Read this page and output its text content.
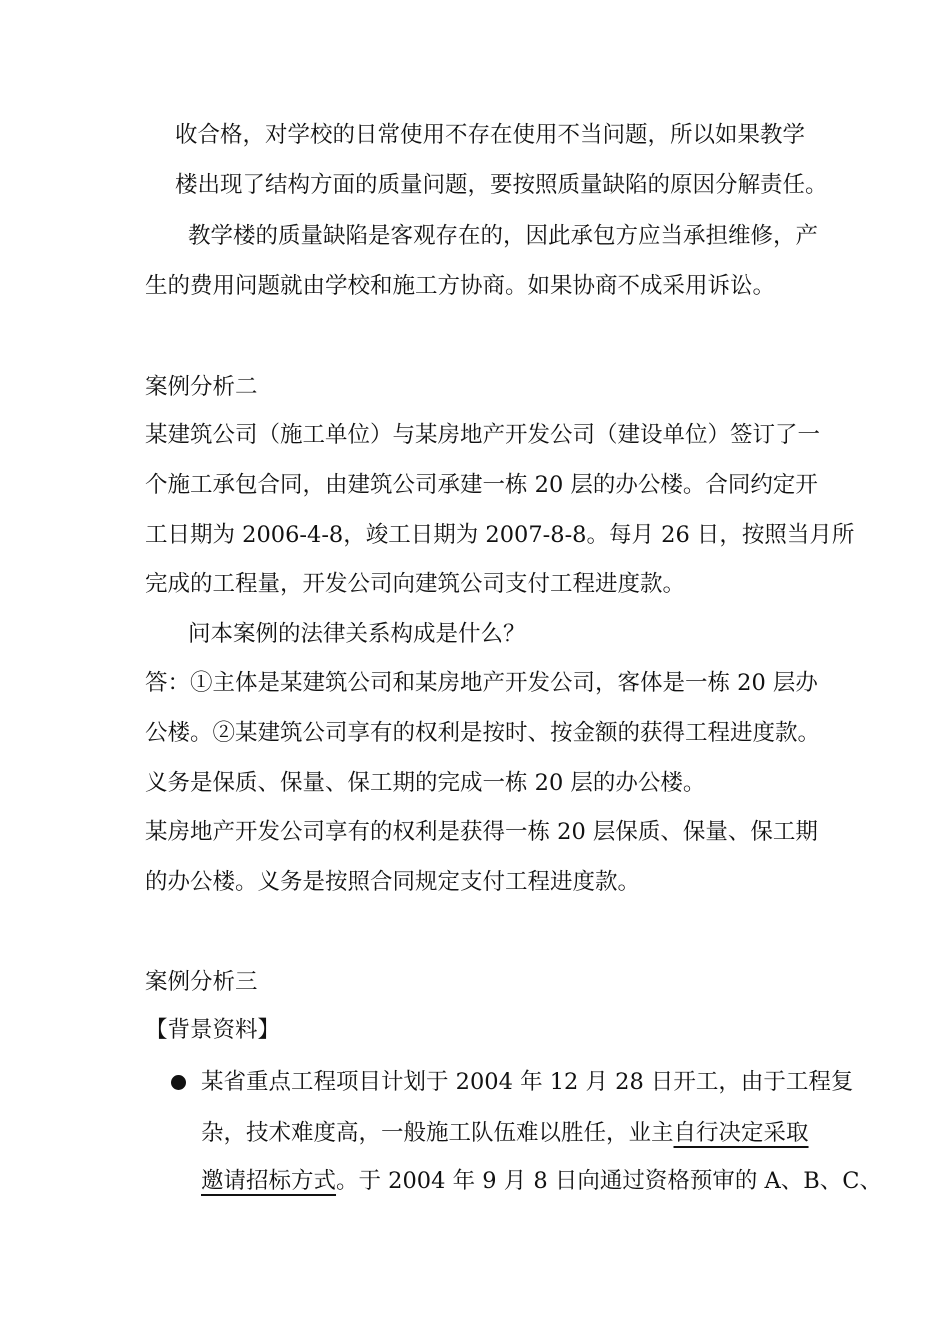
收合格，对学校的日常使用不存在使用不当问题，所以如果教学

楼出现了结构方面的质量问题，要按照质量缺陷的原因分解责任。

教学楼的质量缺陷是客观存在的，因此承包方应当承担维修，产

生的费用问题就由学校和施工方协商。如果协商不成采用诉讼。

案例分析二

某建筑公司（施工单位）与某房地产开发公司（建设单位）签订了一

个施工承包合同，由建筑公司承建一栋 20 层的办公楼。合同约定开

工日期为 2006-4-8，竣工日期为 2007-8-8。每月 26 日，按照当月所

完成的工程量，开发公司向建筑公司支付工程进度款。

问本案例的法律关系构成是什么？

答：①主体是某建筑公司和某房地产开发公司，客体是一栋 20 层办

公楼。②某建筑公司享有的权利是按时、按金额的获得工程进度款。

义务是保质、保量、保工期的完成一栋 20 层的办公楼。

某房地产开发公司享有的权利是获得一栋 20 层保质、保量、保工期

的办公楼。义务是按照合同规定支付工程进度款。

案例分析三

【背景资料】

某省重点工程项目计划于 2004 年 12 月 28 日开工，由于工程复

杂，技术难度高，一般施工队伍难以胜任，业主自行决定采取

邀请招标方式。于 2004 年 9 月 8 日向通过资格预审的 A、B、C、
